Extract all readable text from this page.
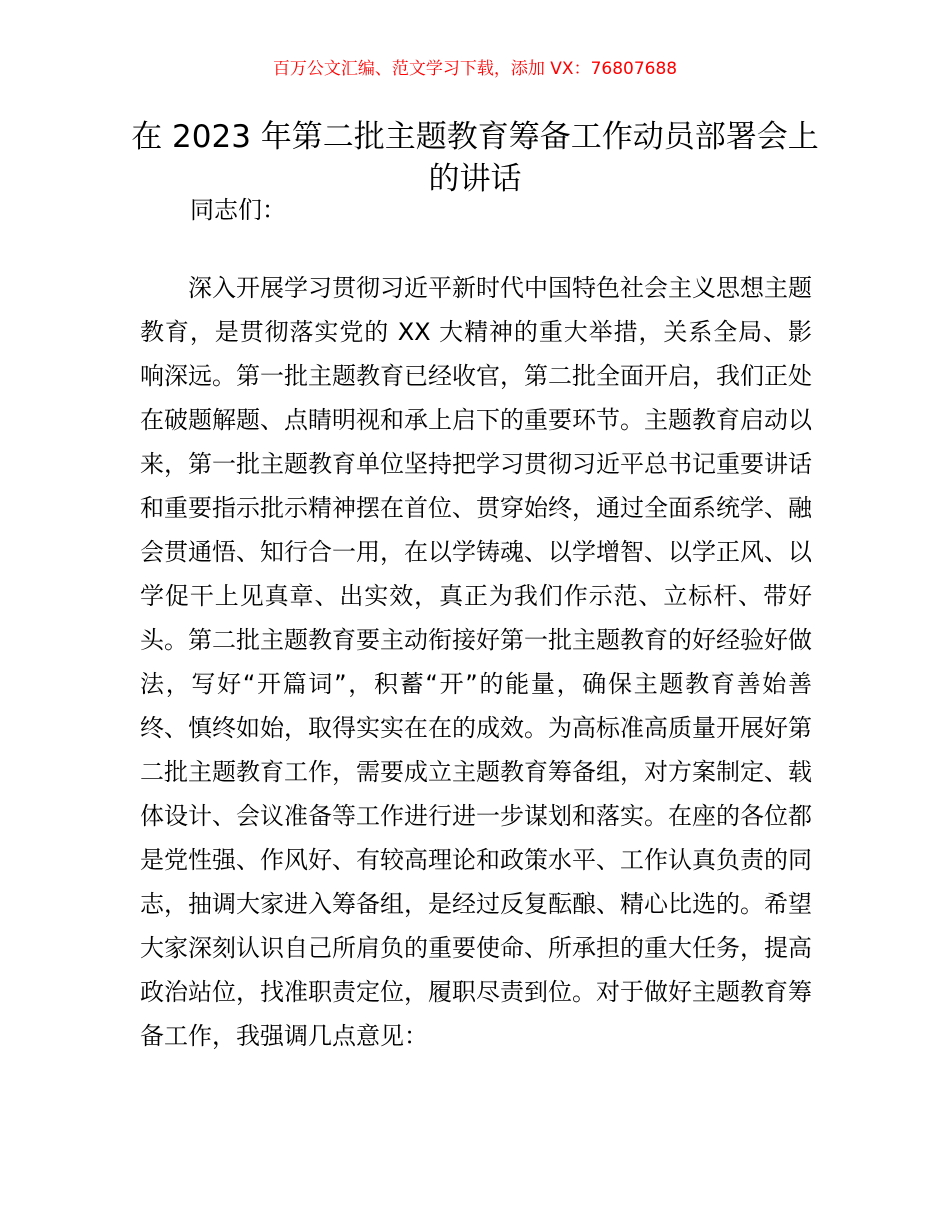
百万公文汇编、范文学习下载，添加 VX：76807688
在 2023 年第二批主题教育筹备工作动员部署会上的讲话
同志们：

深入开展学习贯彻习近平新时代中国特色社会主义思想主题教育，是贯彻落实党的 XX 大精神的重大举措，关系全局、影响深远。第一批主题教育已经收官，第二批全面开启，我们正处在破题解题、点睛明视和承上启下的重要环节。主题教育启动以来，第一批主题教育单位坚持把学习贯彻习近平总书记重要讲话和重要指示批示精神摆在首位、贯穿始终，通过全面系统学、融会贯通悟、知行合一用，在以学铸魂、以学增智、以学正风、以学促干上见真章、出实效，真正为我们作示范、立标杆、带好头。第二批主题教育要主动衔接好第一批主题教育的好经验好做法，写好“开篇词”，积蓄“开”的能量，确保主题教育善始善终、慎终如始，取得实实在在的成效。为高标准高质量开展好第二批主题教育工作，需要成立主题教育筹备组，对方案制定、载体设计、会议准备等工作进行进一步谋划和落实。在座的各位都是党性强、作风好、有较高理论和政策水平、工作认真负责的同志，抽调大家进入筹备组，是经过反复酝酿、精心比选的。希望大家深刻认识自己所肩负的重要使命、所承担的重大任务，提高政治站位，找准职责定位，履职尽责到位。对于做好主题教育筹备工作，我强调几点意见：
